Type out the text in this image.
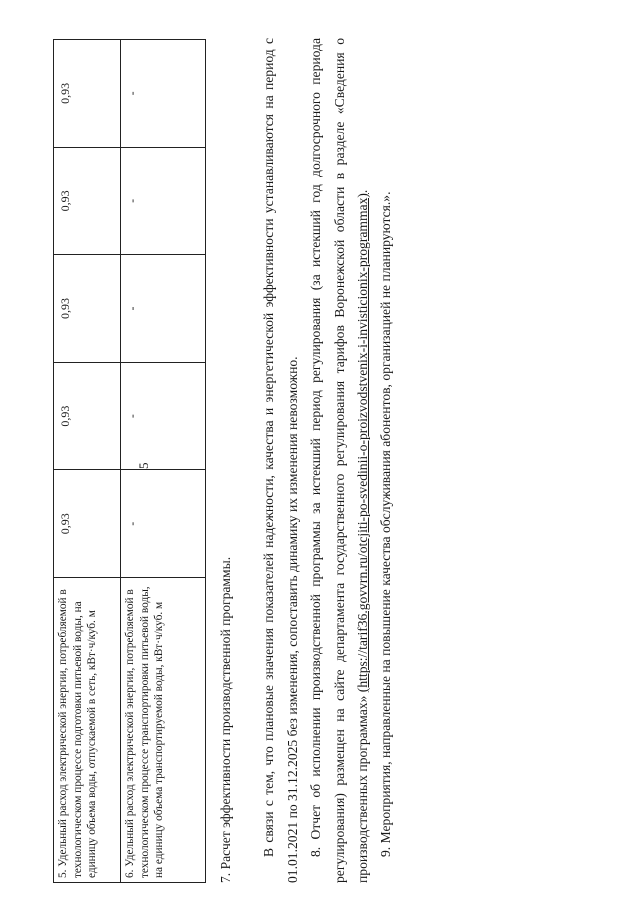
5
5. Удельный расход электрической энергии, потребляемой в технологическом процессе подготовки питьевой воды, на единицу объема воды, отпускаемой в сеть, кВт·ч/куб. м	0,93	0,93	0,93	0,93	0,93
6. Удельный расход электрической энергии, потребляемой в технологическом процессе транспортировки питьевой воды, на единицу объема транспортируемой воды, кВт·ч/куб. м	-	-	-	-	-

7. Расчет эффективности производственной программы.	В связи с тем, что плановые значения показателей надежности, качества и энергетической эффективности устанавливаются на период с 01.01.2021 по 31.12.2025 без изменения, сопоставить динамику их изменения невозможно. 8. Отчет об исполнении производственной программы за истекший период регулирования (за истекший год долгосрочного периода регулирования) размещен на сайте департамента государственного регулирования тарифов Воронежской области в разделе «Сведения о производственных программах» (https://tarif36.govvrn.ru/otcjiti-po-svedinii-o-proizvodstvenix-i-invisticionix-programmax).

9. Мероприятия, направленные на повышение качества обслуживания абонентов, организацией не планируются.».
